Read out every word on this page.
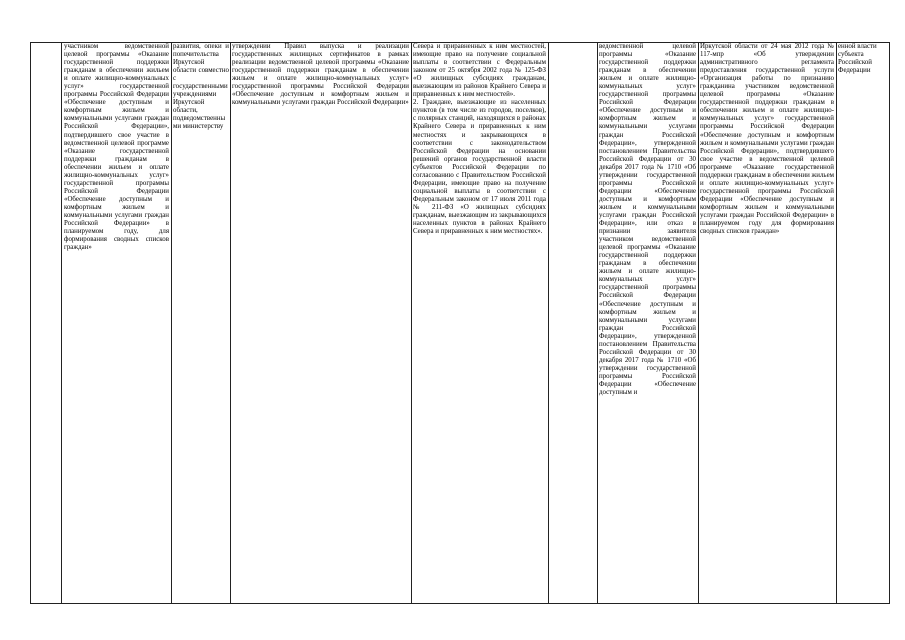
участником ведомственной целевой программы «Оказание государственной поддержки гражданам в обеспечении жильем и оплате жилищно-коммунальных услуг» государственной программы Российской Федерации «Обеспечение доступным и комфортным жильем и коммунальными услугами граждан Российской Федерации», подтвердившего свое участие в ведомственной целевой программе «Оказание государственной поддержки гражданам в обеспечении жильем и оплате жилищно-коммунальных услуг» государственной программы Российской Федерации «Обеспечение доступным и комфортным жильем и коммунальными услугами граждан Российской Федерации» в планируемом году, для формирования сводных списков граждан»

развития, опеки и попечительства Иркутской области совместно с государственными учреждениями Иркутской области, подведомственными министерству

утверждении Правил выпуска и реализации государственных жилищных сертификатов в рамках реализации ведомственной целевой программы «Оказание государственной поддержки гражданам в обеспечении жильем и оплате жилищно-коммунальных услуг» государственной программы Российской Федерации «Обеспечение доступным и комфортным жильем и коммунальными услугами граждан Российской Федерации»

Севера и приравненных к ним местностей, имеющие право на получение социальной выплаты в соответствии с Федеральным законом от 25 октября 2002 года № 125-ФЗ «О жилищных субсидиях гражданам, выезжающим из районов Крайнего Севера и приравненных к ним местностей».

2. Граждане, выезжающие из населенных пунктов (в том числе из городов, поселков), с полярных станций, находящихся в районах Крайнего Севера и приравненных к ним местностях и закрывающихся в соответствии с законодательством Российской Федерации на основании решений органов государственной власти субъектов Российской Федерации по согласованию с Правительством Российской Федерации, имеющие право на получение социальной выплаты в соответствии с Федеральным законом от 17 июля 2011 года № 211-ФЗ «О жилищных субсидиях гражданам, выезжающим из закрывающихся населенных пунктов в районах Крайнего Севера и приравненных к ним местностях».

ведомственной целевой программы «Оказание государственной поддержки гражданам в обеспечении жильем и оплате жилищно-коммунальных услуг» государственной программы Российской Федерации «Обеспечение доступным и комфортным жильем и коммунальными услугами граждан Российской Федерации», утвержденной постановлением Правительства Российской Федерации от 30 декабря 2017 года № 1710 «Об утверждении государственной программы Российской Федерации «Обеспечение доступным и комфортным жильем и коммунальными услугами граждан Российской Федерации», или отказ в признании заявителя участником ведомственной целевой программы «Оказание государственной поддержки гражданам в обеспечении жильем и оплате жилищно-коммунальных услуг» государственной программы Российской Федерации «Обеспечение доступным и комфортным жильем и коммунальными услугами граждан Российской Федерации», утвержденной постановлением Правительства Российской Федерации от 30 декабря 2017 года № 1710 «Об утверждении государственной программы Российской Федерации «Обеспечение доступным и

Иркутской области от 24 мая 2012 года № 117-мпр «Об утверждении административного регламента предоставления государственной услуги «Организация работы по признанию гражданина участником ведомственной целевой программы «Оказание государственной поддержки гражданам в обеспечении жильем и оплате жилищно-коммунальных услуг» государственной программы Российской Федерации «Обеспечение доступным и комфортным жильем и коммунальными услугами граждан Российской Федерации», подтвердившего свое участие в ведомственной целевой программе «Оказание государственной поддержки гражданам в обеспечении жильем и оплате жилищно-коммунальных услуг» государственной программы Российской Федерации «Обеспечение доступным и комфортным жильем и коммунальными услугами граждан Российской Федерации» в планируемом году для формирования сводных списков граждан»

енной власти субъекта Российской Федерации
